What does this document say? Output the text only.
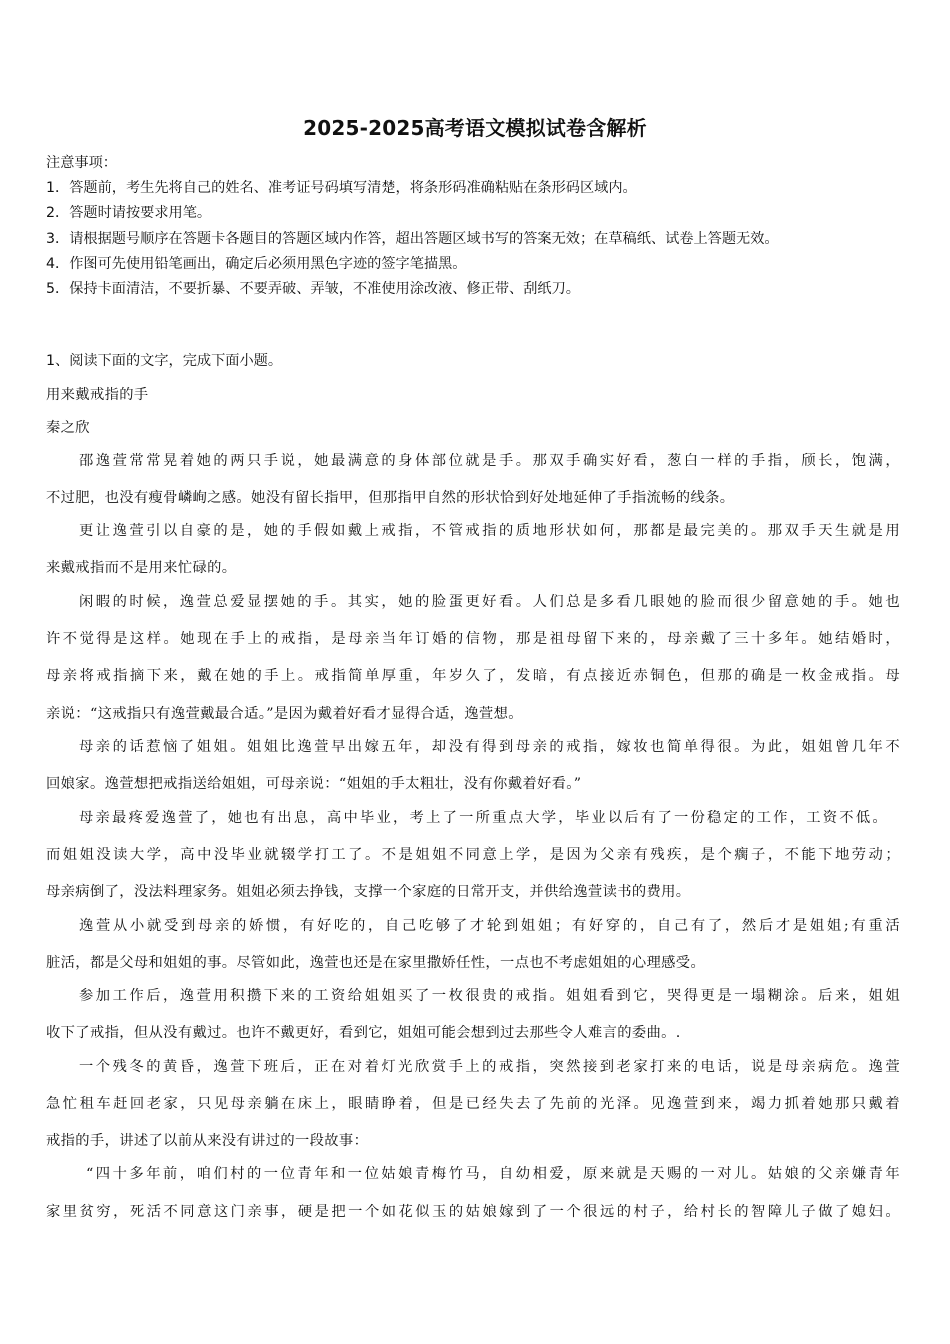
2025-2025高考语文模拟试卷含解析
注意事项：
1．答题前，考生先将自己的姓名、准考证号码填写清楚，将条形码准确粘贴在条形码区域内。
2．答题时请按要求用笔。
3．请根据题号顺序在答题卡各题目的答题区域内作答，超出答题区域书写的答案无效；在草稿纸、试卷上答题无效。
4．作图可先使用铅笔画出，确定后必须用黑色字迹的签字笔描黑。
5．保持卡面清洁，不要折暴、不要弄破、弄皱，不准使用涂改液、修正带、刮纸刀。
1、阅读下面的文字，完成下面小题。
用来戴戒指的手
秦之欣
邵逸萱常常晃着她的两只手说，她最满意的身体部位就是手。那双手确实好看，葱白一样的手指，颀长，饱满，
不过肥，也没有瘦骨嶙峋之感。她没有留长指甲，但那指甲自然的形状恰到好处地延伸了手指流畅的线条。
更让逸萱引以自豪的是，她的手假如戴上戒指，不管戒指的质地形状如何，那都是最完美的。那双手天生就是用
来戴戒指而不是用来忙碌的。
闲暇的时候，逸萱总爱显摆她的手。其实，她的脸蛋更好看。人们总是多看几眼她的脸而很少留意她的手。她也
许不觉得是这样。她现在手上的戒指，是母亲当年订婚的信物，那是祖母留下来的，母亲戴了三十多年。她结婚时，
母亲将戒指摘下来，戴在她的手上。戒指简单厚重，年岁久了，发暗，有点接近赤铜色，但那的确是一枚金戒指。母
亲说：“这戒指只有逸萱戴最合适。”是因为戴着好看才显得合适，逸萱想。
母亲的话惹恼了姐姐。姐姐比逸萱早出嫁五年，却没有得到母亲的戒指，嫁妆也简单得很。为此，姐姐曾几年不
回娘家。逸萱想把戒指送给姐姐，可母亲说：“姐姐的手太粗壮，没有你戴着好看。”
母亲最疼爱逸萱了，她也有出息，高中毕业，考上了一所重点大学，毕业以后有了一份稳定的工作，工资不低。
而姐姐没读大学，高中没毕业就辍学打工了。不是姐姐不同意上学，是因为父亲有残疾，是个瘸子，不能下地劳动；
母亲病倒了，没法料理家务。姐姐必须去挣钱，支撑一个家庭的日常开支，并供给逸萱读书的费用。
逸萱从小就受到母亲的娇惯，有好吃的，自己吃够了才轮到姐姐；有好穿的，自己有了，然后才是姐姐;有重活
脏活，都是父母和姐姐的事。尽管如此，逸萱也还是在家里撒娇任性，一点也不考虑姐姐的心理感受。
参加工作后，逸萱用积攒下来的工资给姐姐买了一枚很贵的戒指。姐姐看到它，哭得更是一塌糊涂。后来，姐姐
收下了戒指，但从没有戴过。也许不戴更好，看到它，姐姐可能会想到过去那些令人难言的委曲。.
一个残冬的黄昏，逸萱下班后，正在对着灯光欣赏手上的戒指，突然接到老家打来的电话，说是母亲病危。逸萱
急忙租车赶回老家，只见母亲躺在床上，眼睛睁着，但是已经失去了先前的光泽。见逸萱到来，竭力抓着她那只戴着
戒指的手，讲述了以前从来没有讲过的一段故事：
“四十多年前，咱们村的一位青年和一位姑娘青梅竹马，自幼相爱，原来就是天赐的一对儿。姑娘的父亲嫌青年
家里贫穷，死活不同意这门亲事，硬是把一个如花似玉的姑娘嫁到了一个很远的村子，给村长的智障儿子做了媳妇。
